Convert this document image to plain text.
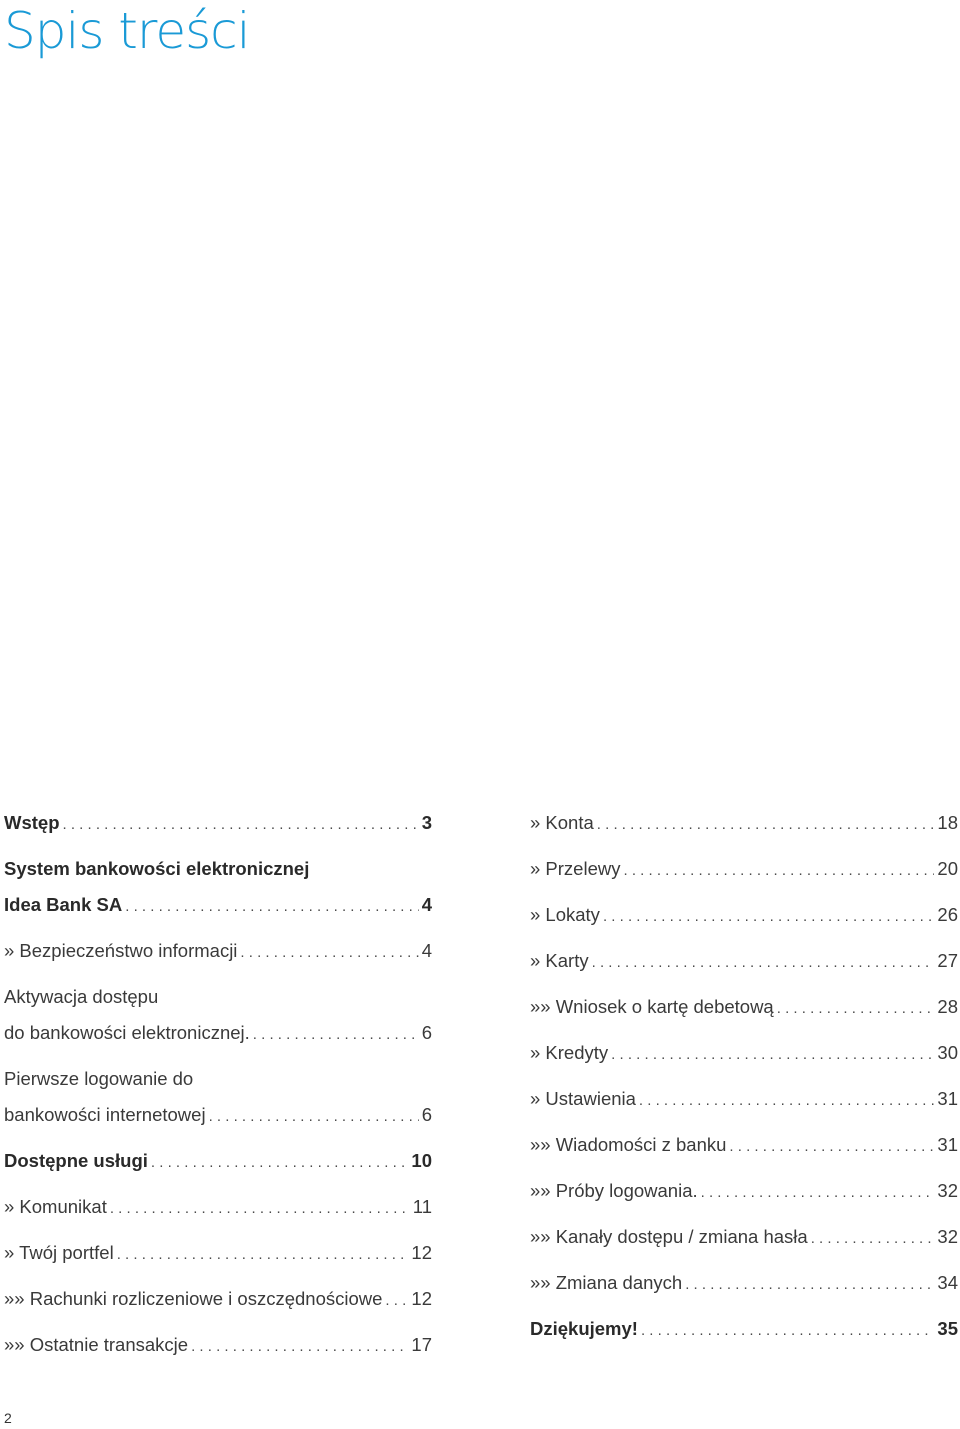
Spis treści
Wstęp . . .	3
System bankowości elektronicznej
Idea Bank SA . . .	4
» Bezpieczeństwo informacji . . .	4
Aktywacja dostępu
do bankowości elektronicznej. . . .	6
Pierwsze logowanie do
bankowości internetowej . . .	6
Dostępne usługi . . .	10
» Komunikat . . .	11
» Twój portfel . . .	12
»» Rachunki rozliczeniowe i oszczędnościowe . . . 12
»» Ostatnie transakcje . . .	17
» Konta . . .	18
» Przelewy . . .	20
» Lokaty . . .	26
» Karty . . .	27
»» Wniosek o kartę debetową . . .	28
» Kredyty . . .	30
» Ustawienia . . .	31
»» Wiadomości z banku . . .	31
»» Próby logowania. . . .	32
»» Kanały dostępu / zmiana hasła . . .	32
»» Zmiana danych . . .	34
Dziękujemy! . . .	35
2
